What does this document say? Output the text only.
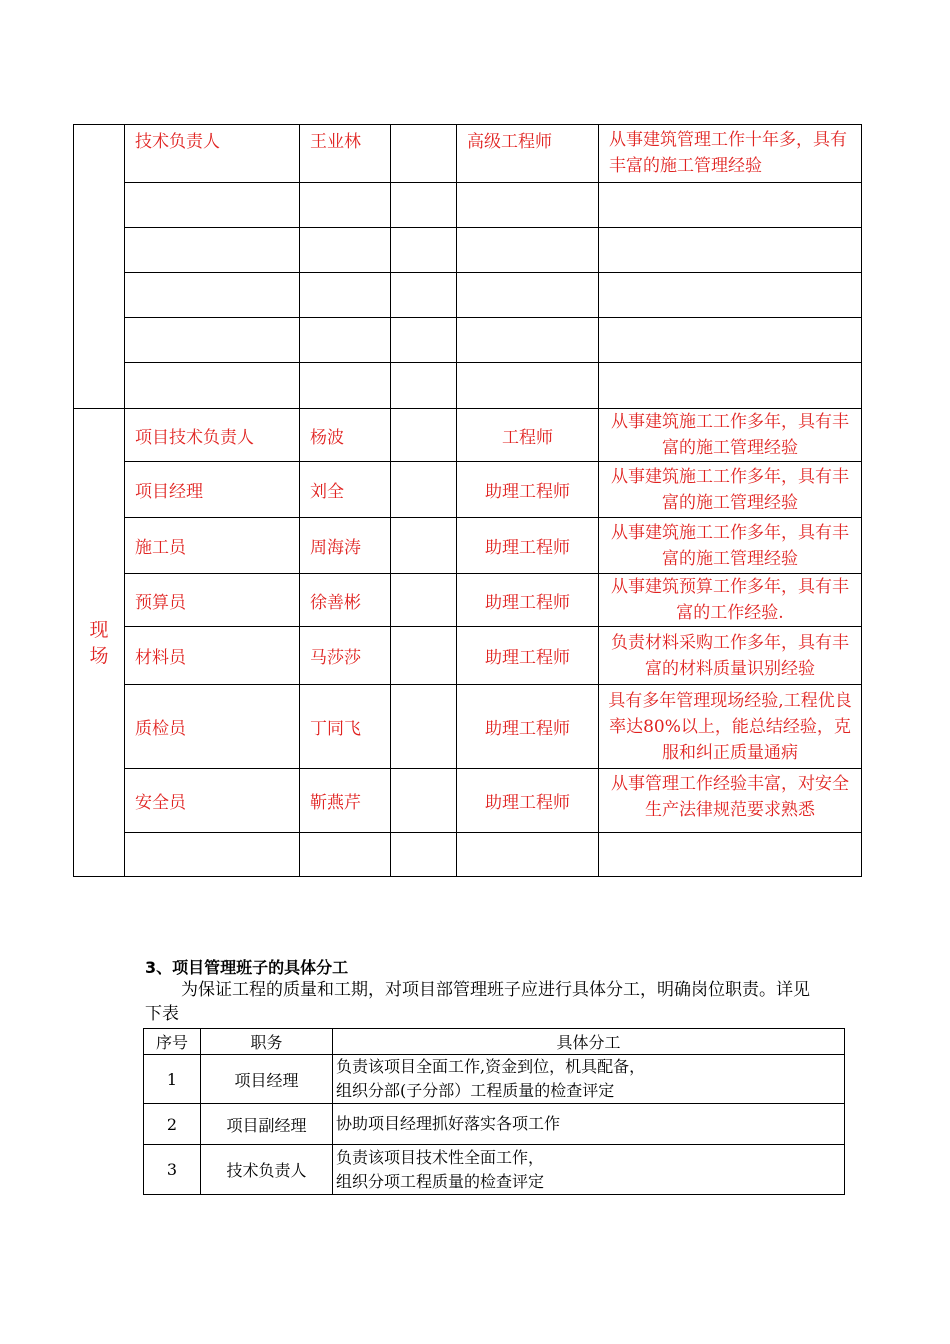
	技术负责人	王业林		高级工程师	从事建筑管理工作十年多，具有丰富的施工管理经验

现
场	项目技术负责人	杨波		工程师	从事建筑施工工作多年，具有丰富的施工管理经验

	项目经理	刘全		助理工程师	从事建筑施工工作多年，具有丰富的施工管理经验

	施工员	周海涛		助理工程师	从事建筑施工工作多年，具有丰富的施工管理经验

	预算员	徐善彬		助理工程师	从事建筑预算工作多年，具有丰富的工作经验.

	材料员	马莎莎		助理工程师	负责材料采购工作多年，具有丰富的材料质量识别经验

	质检员	丁同飞		助理工程师	具有多年管理现场经验,工程优良率达80%以上，能总结经验，克服和纠正质量通病

	安全员	靳燕芹		助理工程师	从事管理工作经验丰富，对安全生产法律规范要求熟悉

3、项目管理班子的具体分工

为保证工程的质量和工期，对项目部管理班子应进行具体分工，明确岗位职责。详见下表

序号	职务	具体分工
1	项目经理	负责该项目全面工作,资金到位，机具配备，
组织分部(子分部）工程质量的检查评定

2	项目副经理	协助项目经理抓好落实各项工作

3	技术负责人	负责该项目技术性全面工作，
组织分项工程质量的检查评定
